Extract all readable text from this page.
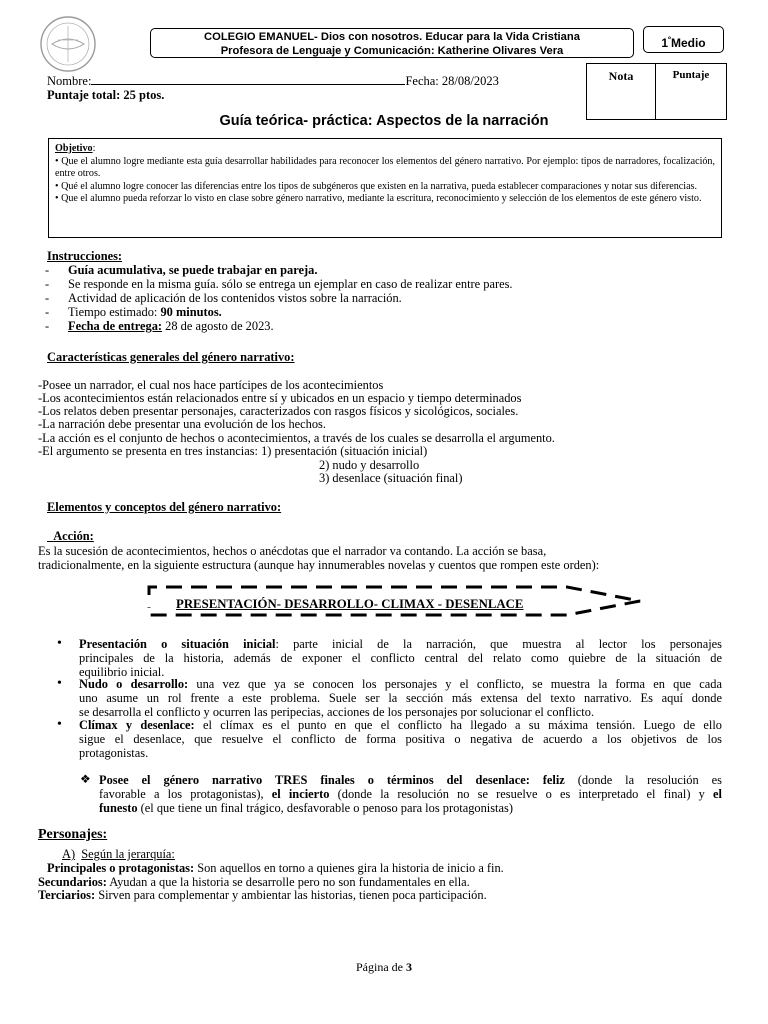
COLEGIO EMANUEL- Dios con nosotros. Educar para la Vida Cristiana
Profesora de Lenguaje y Comunicación: Katherine Olivares Vera
$1^ºMedio$
Nota	Puntaje
Nombre:	Fecha: 28/08/2023
Puntaje total: 25 ptos.
Guía teórica- práctica: Aspectos de la narración

Objetivo:

• Que el alumno logre mediante esta guía desarrollar habilidades para reconocer los elementos del género narrativo. Por ejemplo: tipos de narradores, focalización, entre otros.

• Qué el alumno logre conocer las diferencias entre los tipos de subgéneros que existen en la narrativa, pueda establecer comparaciones y notar sus diferencias.

• Que el alumno pueda reforzar lo visto en clase sobre género narrativo, mediante la escritura, reconocimiento y selección de los elementos de este género visto.

Instrucciones:
- Guía acumulativa, se puede trabajar en pareja.
- Se responde en la misma guía. sólo se entrega un ejemplar en caso de realizar entre pares.
- Actividad de aplicación de los contenidos vistos sobre la narración.
- Tiempo estimado: 90 minutos.
- Fecha de entrega: 28 de agosto de 2023.
Características generales del género narrativo:
-Posee un narrador, el cual nos hace partícipes de los acontecimientos
-Los acontecimientos están relacionados entre sí y ubicados en un espacio y tiempo determinados
-Los relatos deben presentar personajes, caracterizados con rasgos físicos y sicológicos, sociales.
-La narración debe presentar una evolución de los hechos.
-La acción es el conjunto de hechos o acontecimientos, a través de los cuales se desarrolla el argumento.
-El argumento se presenta en tres instancias: 1) presentación (situación inicial)
2) nudo y desarrollo
3) desenlace (situación final)
Elementos y conceptos del género narrativo:
Acción:
Es la sucesión de acontecimientos, hechos o anécdotas que el narrador va contando. La acción se basa,
tradicionalmente, en la siguiente estructura (aunque hay innumerables novelas y cuentos que rompen este orden):
PRESENTACIÓN- DESARROLLO- CLIMAX - DESENLACE
• Presentación o situación inicial: parte inicial de la narración, que muestra al lector los personajes
principales de la historia, además de exponer el conflicto central del relato como quiebre de la situación de
equilibrio inicial.
• Nudo o desarrollo: una vez que ya se conocen los personajes y el conflicto, se muestra la forma en que cada
uno asume un rol frente a este problema. Suele ser la sección más extensa del texto narrativo. Es aquí donde
se desarrolla el conflicto y ocurren las peripecias, acciones de los personajes por solucionar el conflicto.
• Clímax y desenlace: el clímax es el punto en que el conflicto ha llegado a su máxima tensión. Luego de ello
sigue el desenlace, que resuelve el conflicto de forma positiva o negativa de acuerdo a los objetivos de los
protagonistas.
❖ Posee el género narrativo TRES finales o términos del desenlace: feliz (donde la resolución es
favorable a los protagonistas), el incierto (donde la resolución no se resuelve o es interpretado el final) y el
funesto (el que tiene un final trágico, desfavorable o penoso para los protagonistas)
Personajes:
A) Según la jerarquía:
Principales o protagonistas: Son aquellos en torno a quienes gira la historia de inicio a fin.
Secundarios: Ayudan a que la historia se desarrolle pero no son fundamentales en ella.
Terciarios: Sirven para complementar y ambientar las historias, tienen poca participación.
Página de 3
